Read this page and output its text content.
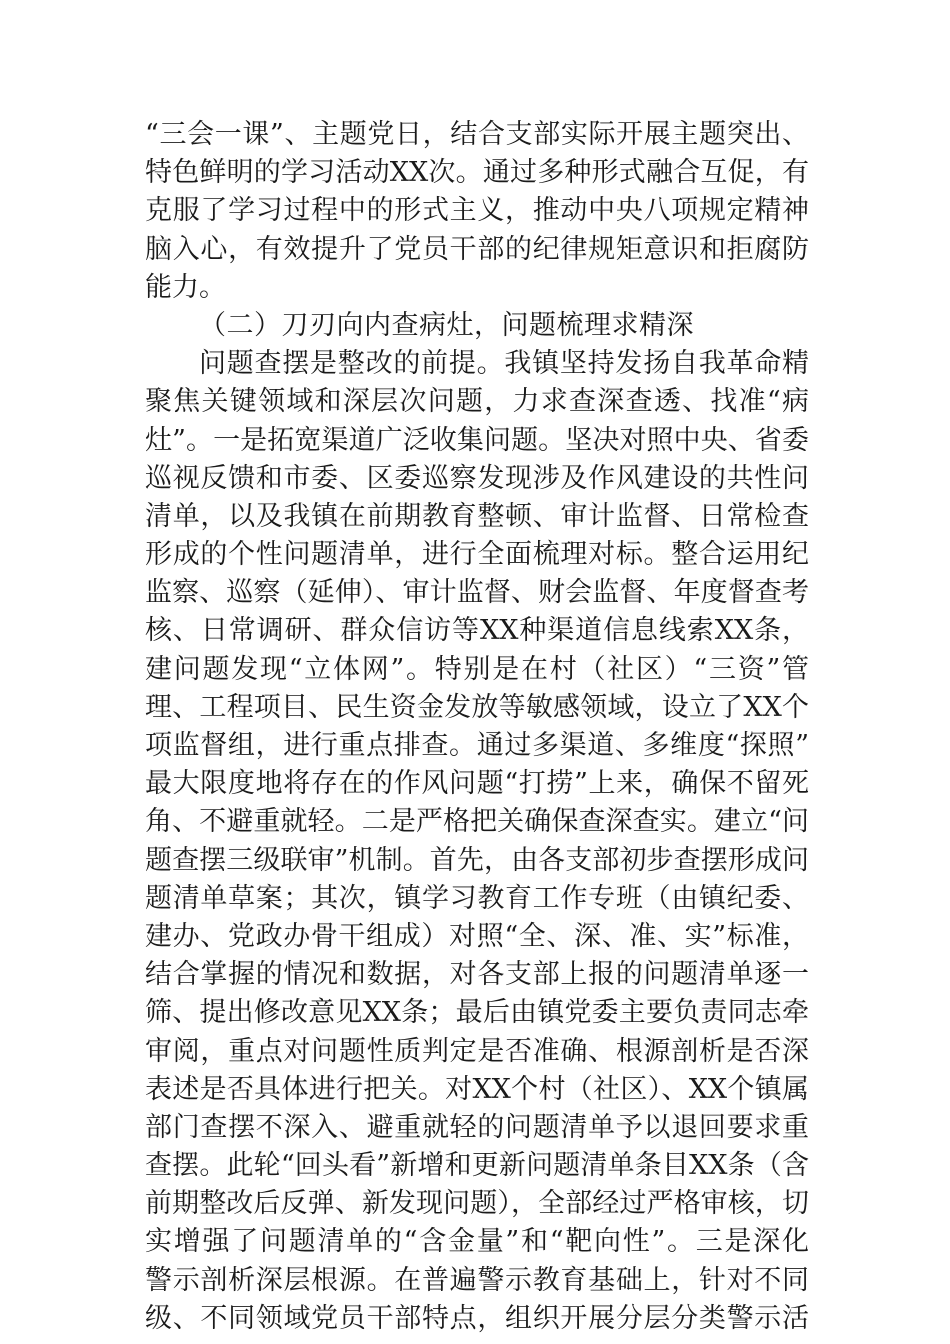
“三会一课”、主题党日，结合支部实际开展主题突出、
特色鲜明的学习活动XX次。通过多种形式融合互促，有
克服了学习过程中的形式主义，推动中央八项规定精神
脑入心，有效提升了党员干部的纪律规矩意识和拒腐防
能力。
（二）刀刃向内查病灶，问题梳理求精深
问题查摆是整改的前提。我镇坚持发扬自我革命精
聚焦关键领域和深层次问题，力求查深查透、找准“病
灶”。一是拓宽渠道广泛收集问题。坚决对照中央、省委
巡视反馈和市委、区委巡察发现涉及作风建设的共性问
清单，以及我镇在前期教育整顿、审计监督、日常检查
形成的个性问题清单，进行全面梳理对标。整合运用纪
监察、巡察（延伸）、审计监督、财会监督、年度督查考
核、日常调研、群众信访等XX种渠道信息线索XX条，
建问题发现“立体网”。特别是在村（社区）“三资”管
理、工程项目、民生资金发放等敏感领域，设立了XX个
项监督组，进行重点排查。通过多渠道、多维度“探照”
最大限度地将存在的作风问题“打捞”上来，确保不留死
角、不避重就轻。二是严格把关确保查深查实。建立“问
题查摆三级联审”机制。首先，由各支部初步查摆形成问
题清单草案；其次，镇学习教育工作专班（由镇纪委、
建办、党政办骨干组成）对照“全、深、准、实”标准，
结合掌握的情况和数据，对各支部上报的问题清单逐一
筛、提出修改意见XX条；最后由镇党委主要负责同志牵
审阅，重点对问题性质判定是否准确、根源剖析是否深
表述是否具体进行把关。对XX个村（社区）、XX个镇属
部门查摆不深入、避重就轻的问题清单予以退回要求重
查摆。此轮“回头看”新增和更新问题清单条目XX条（含
前期整改后反弹、新发现问题），全部经过严格审核，切
实增强了问题清单的“含金量”和“靶向性”。三是深化
警示剖析深层根源。在普遍警示教育基础上，针对不同
级、不同领域党员干部特点，组织开展分层分类警示活
